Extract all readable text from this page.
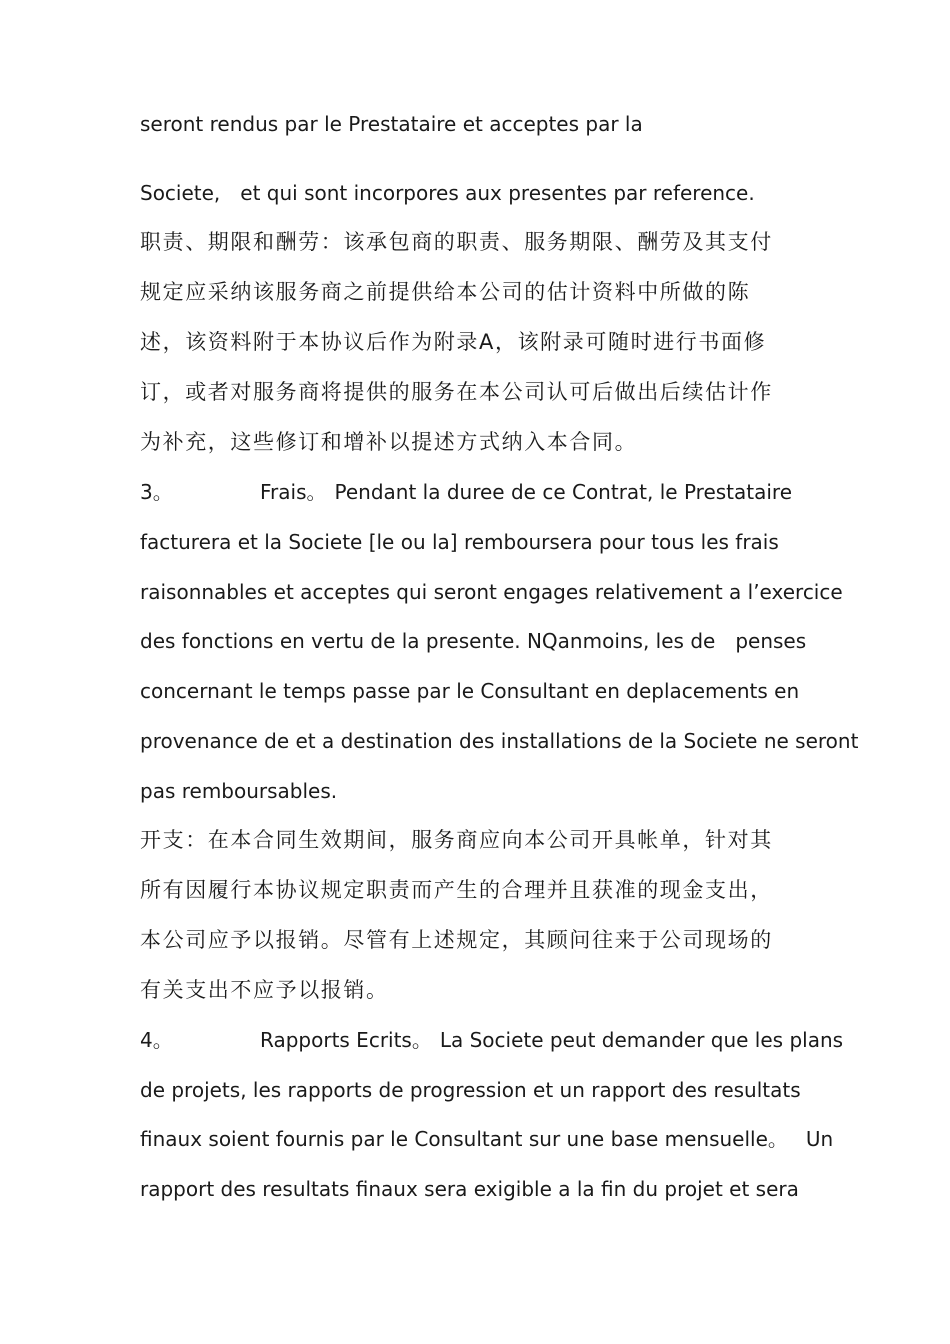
seront rendus par le Prestataire et acceptes par la
Societe,　et qui sont incorpores aux presentes par reference.
职责、期限和酬劳：该承包商的职责、服务期限、酬劳及其支付
规定应采纳该服务商之前提供给本公司的估计资料中所做的陈
述，该资料附于本协议后作为附录A，该附录可随时进行书面修
订，或者对服务商将提供的服务在本公司认可后做出后续估计作
为补充，这些修订和增补以提述方式纳入本合同。
3。	Frais。 Pendant la duree de ce Contrat, le Prestataire
facturera et la Societe [le ou la] remboursera pour tous les frais
raisonnables et acceptes qui seront engages relativement a l’exercice
des fonctions en vertu de la presente. NQanmoins, les dе　penses
concernant le temps passe par le Consultant en deplacements en
provenance de et a destination des installations de la Societe ne seront
pas remboursables.
开支：在本合同生效期间，服务商应向本公司开具帐单，针对其
所有因履行本协议规定职责而产生的合理并且获准的现金支出，
本公司应予以报销。尽管有上述规定，其顾问往来于公司现场的
有关支出不应予以报销。
4。	Rapports Ecrits。 La Societe peut demander que les plans
de projets, les rapports de progression et un rapport des resultats
finaux soient fournis par le Consultant sur une base mensuelle。 Un
rapport des resultats finaux sera exigible a la fin du projet et sera
